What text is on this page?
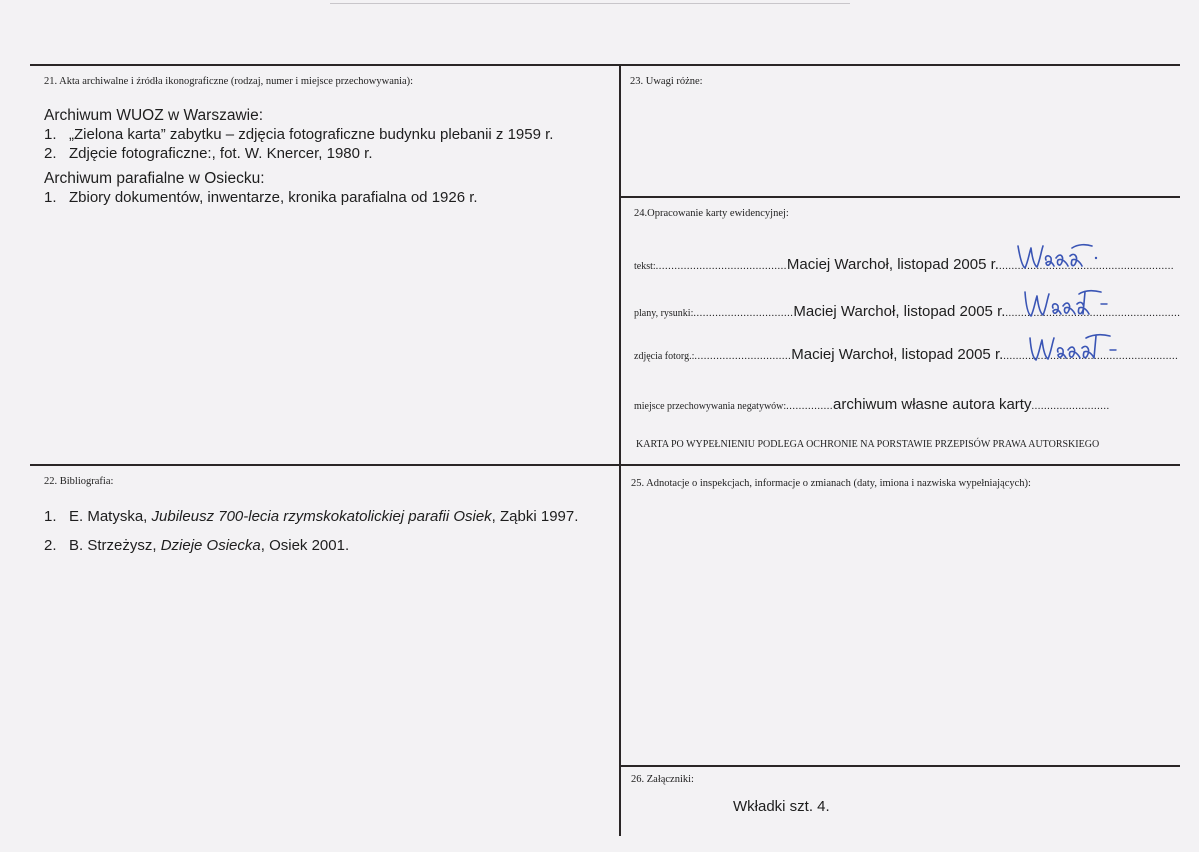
21. Akta archiwalne i źródła ikonograficzne (rodzaj, numer i miejsce przechowywania):
Archiwum WUOZ w Warszawie:
1. „Zielona karta” zabytku – zdjęcia fotograficzne budynku plebanii z 1959 r.
2. Zdjęcie fotograficzne:, fot. W. Knercer, 1980 r.
Archiwum parafialne w Osiecku:
1. Zbiory dokumentów, inwentarze, kronika parafialna od 1926 r.
23. Uwagi różne:
24.Opracowanie karty ewidencyjnej:
tekst:..........................................Maciej Warchoł, listopad 2005 r.........................................................
plany, rysunki:................................Maciej Warchoł, listopad 2005 r.........................................................
zdjęcia fotorg.:...............................Maciej Warchoł, listopad 2005 r.........................................................
miejsce przechowywania negatywów:...............archiwum własne autora karty.........................
KARTA PO WYPEŁNIENIU PODLEGA OCHRONIE NA PORSTAWIE PRZEPISÓW PRAWA AUTORSKIEGO
22. Bibliografia:
1. E. Matyska, Jubileusz 700-lecia rzymskokatolickiej parafii Osiek, Ząbki 1997.
2. B. Strzeżysz, Dzieje Osiecka, Osiek 2001.
25. Adnotacje o inspekcjach, informacje o zmianach (daty, imiona i nazwiska wypełniających):
26. Załączniki:
Wkładki szt. 4.
